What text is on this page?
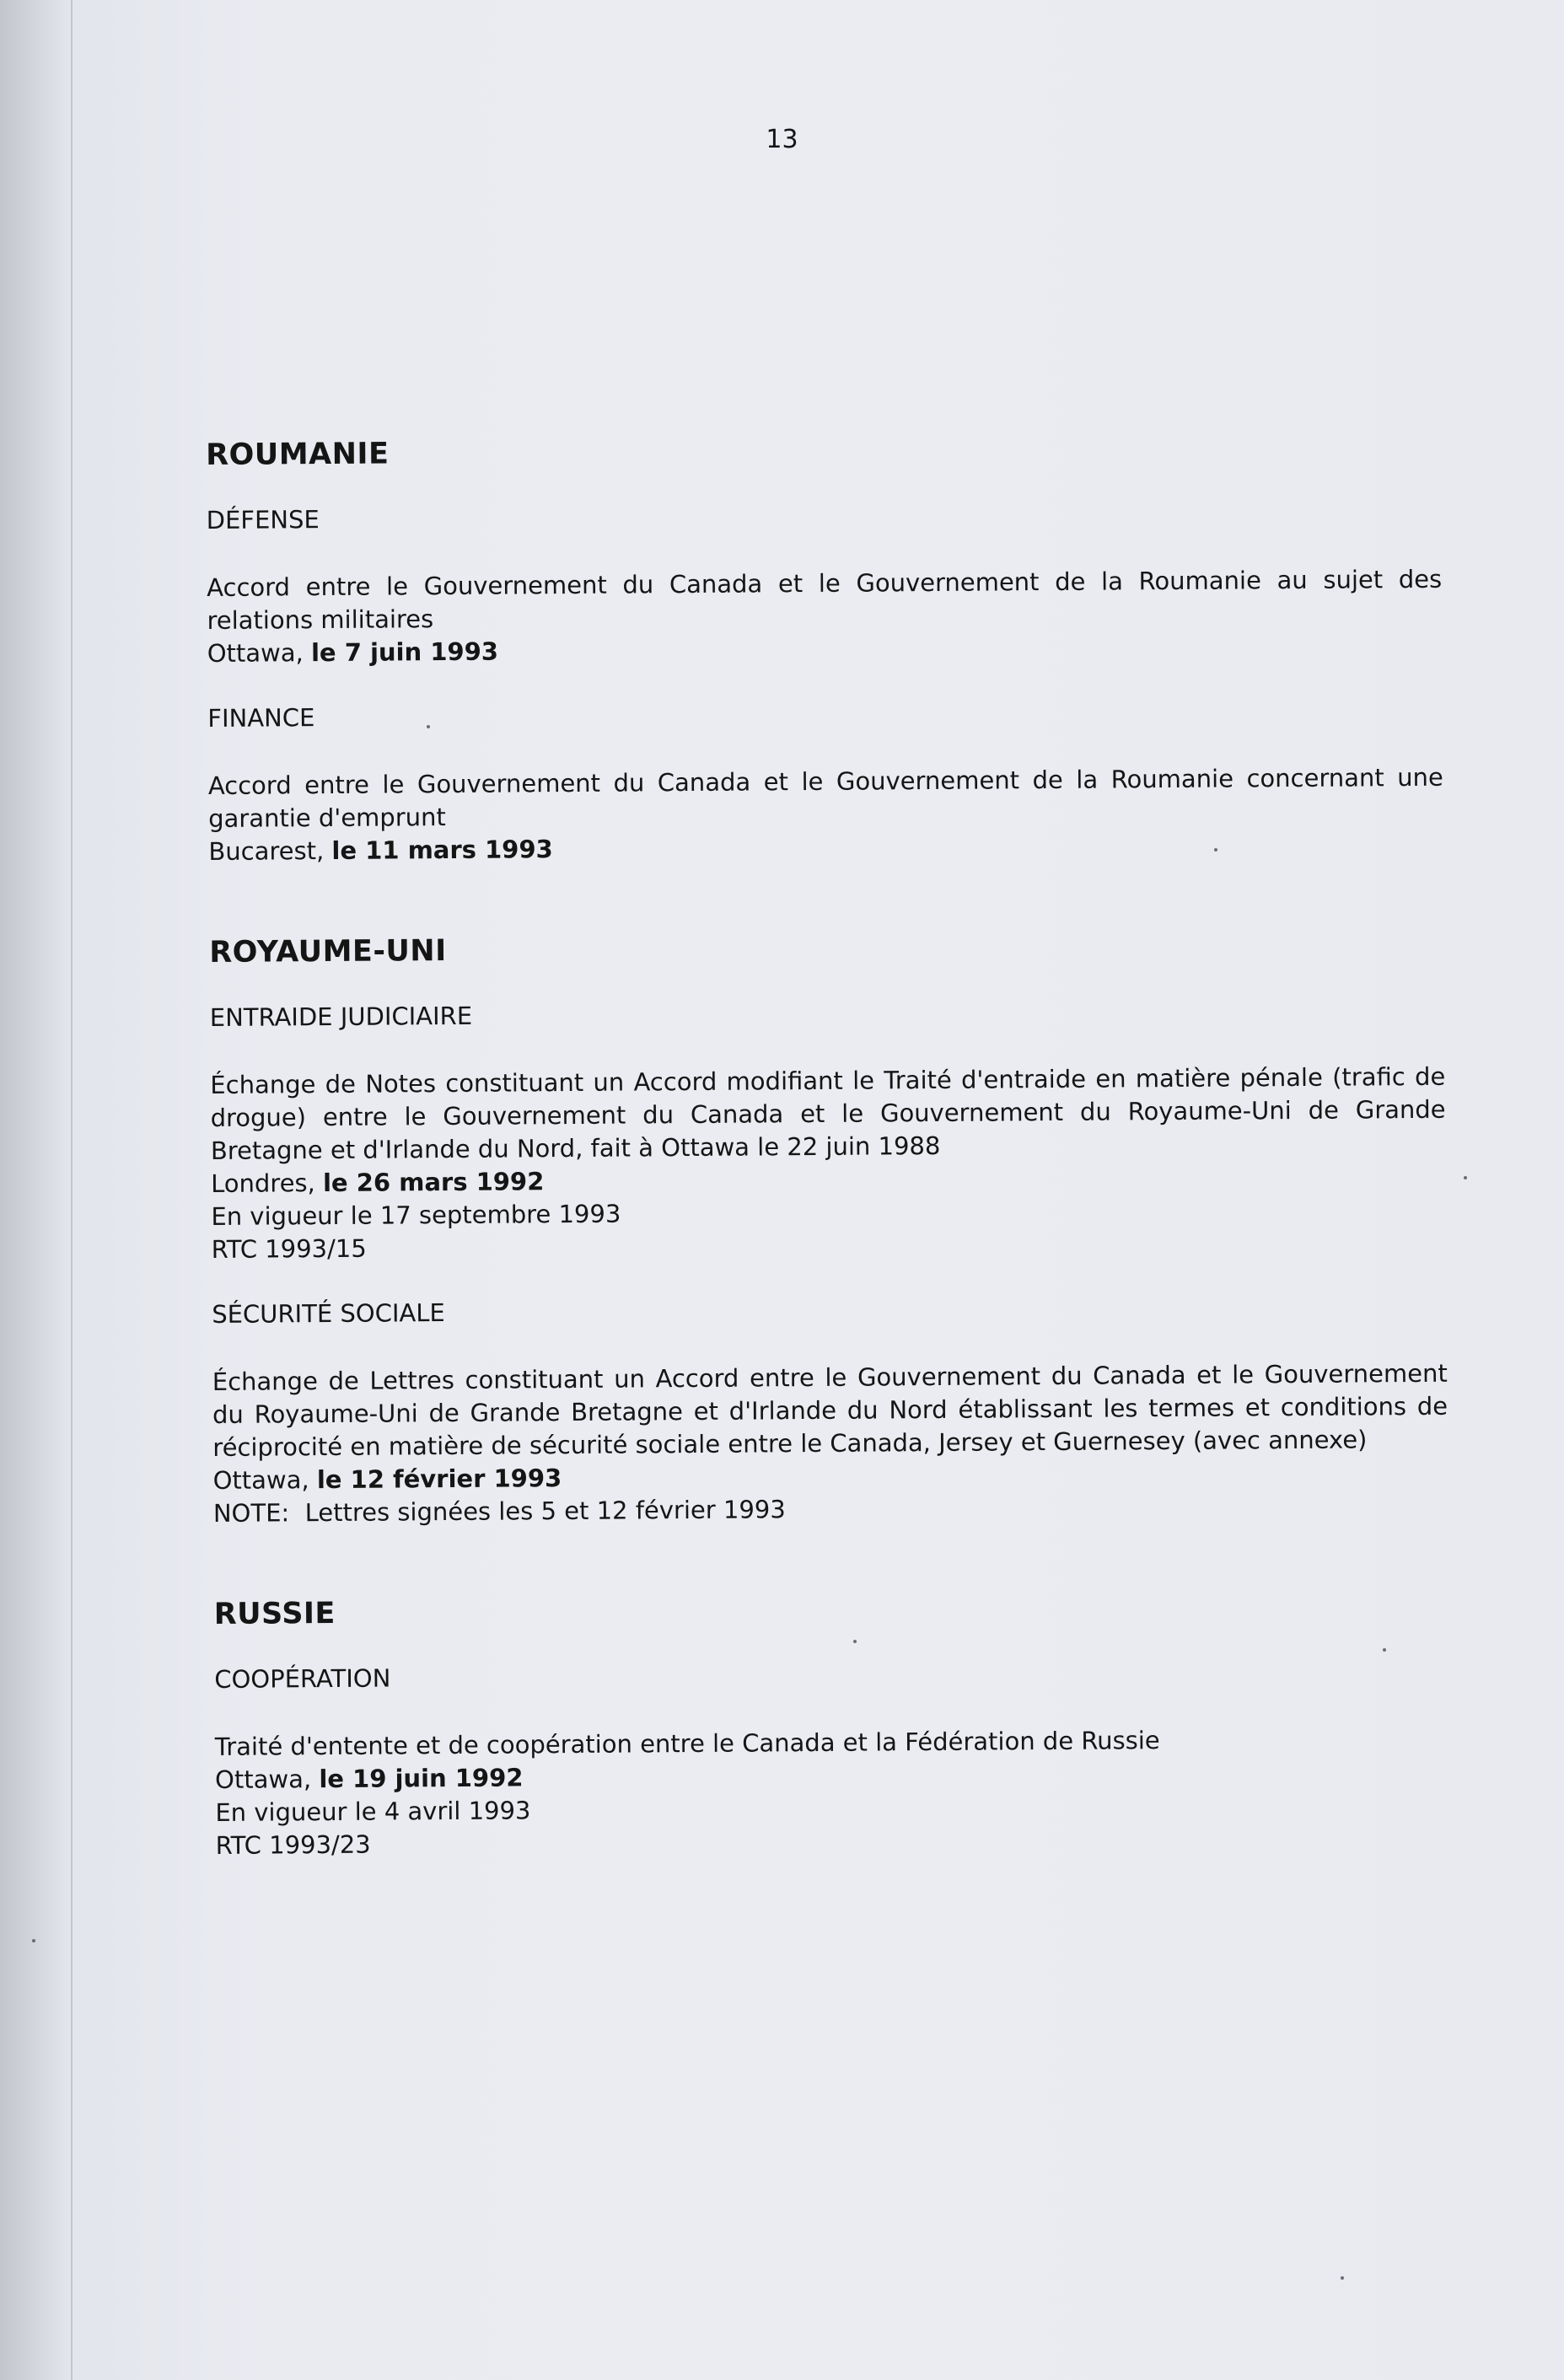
13
ROUMANIE
DÉFENSE

Accord entre le Gouvernement du Canada et le Gouvernement de la Roumanie au sujet des relations militaires

Ottawa, le 7 juin 1993

FINANCE

Accord entre le Gouvernement du Canada et le Gouvernement de la Roumanie concernant une garantie d'emprunt

Bucarest, le 11 mars 1993

ROYAUME-UNI
ENTRAIDE JUDICIAIRE

Échange de Notes constituant un Accord modifiant le Traité d'entraide en matière pénale (trafic de drogue) entre le Gouvernement du Canada et le Gouvernement du Royaume-Uni de Grande Bretagne et d'Irlande du Nord, fait à Ottawa le 22 juin 1988

Londres, le 26 mars 1992

En vigueur le 17 septembre 1993

RTC 1993/15

SÉCURITÉ SOCIALE

Échange de Lettres constituant un Accord entre le Gouvernement du Canada et le Gouvernement du Royaume-Uni de Grande Bretagne et d'Irlande du Nord établissant les termes et conditions de réciprocité en matière de sécurité sociale entre le Canada, Jersey et Guernesey (avec annexe)

Ottawa, le 12 février 1993

NOTE:  Lettres signées les 5 et 12 février 1993

RUSSIE
COOPÉRATION

Traité d'entente et de coopération entre le Canada et la Fédération de Russie

Ottawa, le 19 juin 1992

En vigueur le 4 avril 1993

RTC 1993/23
